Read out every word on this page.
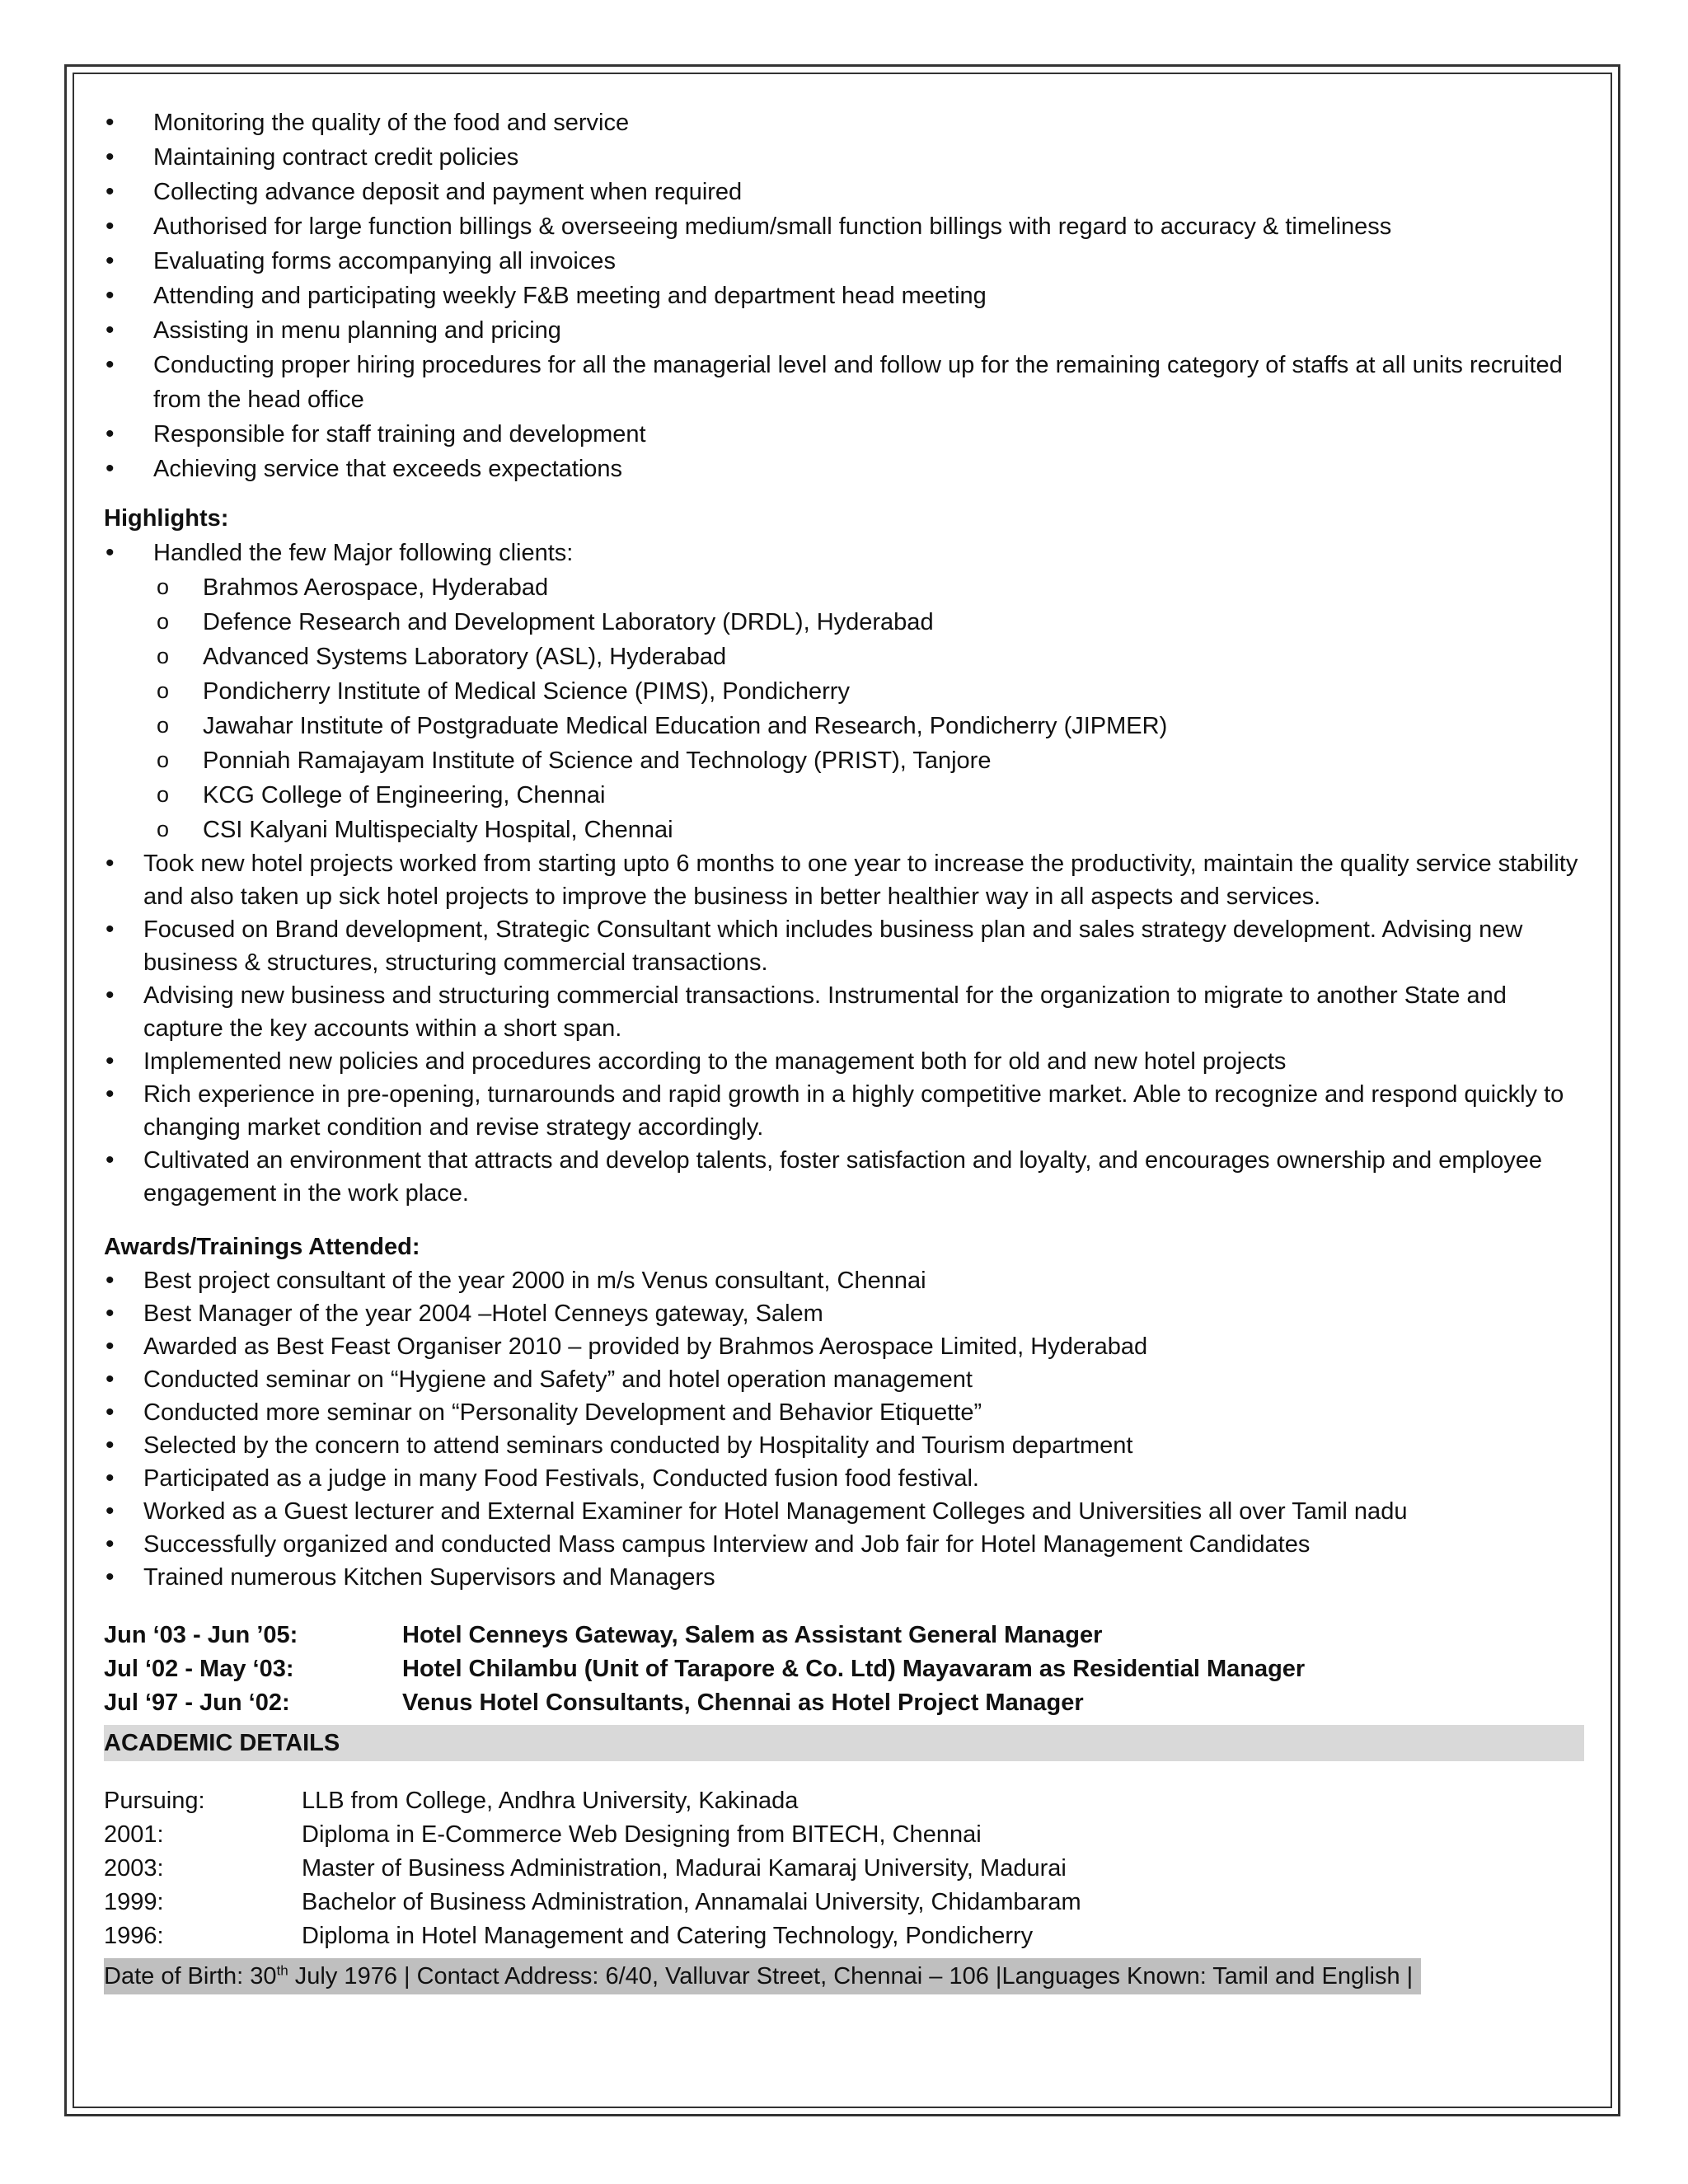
• Monitoring the quality of the food and service
• Maintaining contract credit policies
• Collecting advance deposit and payment when required
• Authorised for large function billings & overseeing medium/small function billings with regard to accuracy & timeliness
• Evaluating forms accompanying all invoices
• Attending and participating weekly F&B meeting and department head meeting
• Assisting in menu planning and pricing
• Conducting proper hiring procedures for all the managerial level and follow up for the remaining category of staffs at all units recruited from the head office
• Responsible for staff training and development
• Achieving service that exceeds expectations
Highlights:
• Handled the few Major following clients:
o Brahmos Aerospace, Hyderabad
o Defence Research and Development Laboratory (DRDL), Hyderabad
o Advanced Systems Laboratory (ASL), Hyderabad
o Pondicherry Institute of Medical Science (PIMS), Pondicherry
o Jawahar Institute of Postgraduate Medical Education and Research, Pondicherry (JIPMER)
o Ponniah Ramajayam Institute of Science and Technology (PRIST), Tanjore
o KCG College of Engineering, Chennai
o CSI Kalyani Multispecialty Hospital, Chennai
• Took new hotel projects worked from starting upto 6 months to one year to increase the productivity, maintain the quality service stability and also taken up sick hotel projects to improve the business in better healthier way in all aspects and services.
• Focused on Brand development, Strategic Consultant which includes business plan and sales strategy development. Advising new business & structures, structuring commercial transactions.
• Advising new business and structuring commercial transactions. Instrumental for the organization to migrate to another State and capture the key accounts within a short span.
• Implemented new policies and procedures according to the management both for old and new hotel projects
• Rich experience in pre-opening, turnarounds and rapid growth in a highly competitive market. Able to recognize and respond quickly to changing market condition and revise strategy accordingly.
• Cultivated an environment that attracts and develop talents, foster satisfaction and loyalty, and encourages ownership and employee engagement in the work place.
Awards/Trainings Attended:
• Best project consultant of the year 2000 in m/s Venus consultant, Chennai
• Best Manager of the year 2004 –Hotel Cenneys gateway, Salem
• Awarded as Best Feast Organiser 2010 – provided by Brahmos Aerospace Limited, Hyderabad
• Conducted seminar on “Hygiene and Safety” and hotel operation management
• Conducted more seminar on “Personality Development and Behavior Etiquette”
• Selected by the concern to attend seminars conducted by Hospitality and Tourism department
• Participated as a judge in many Food Festivals, Conducted fusion food festival.
• Worked as a Guest lecturer and External Examiner for Hotel Management Colleges and Universities all over Tamil nadu
• Successfully organized and conducted Mass campus Interview and Job fair for Hotel Management Candidates
• Trained numerous Kitchen Supervisors and Managers
Jun ‘03 - Jun ’05:	Hotel Cenneys Gateway, Salem as Assistant General Manager
Jul ‘02 - May ‘03:	Hotel Chilambu (Unit of Tarapore & Co. Ltd) Mayavaram as Residential Manager
Jul ‘97 - Jun ‘02:	Venus Hotel Consultants, Chennai as Hotel Project Manager
ACADEMIC DETAILS
Pursuing:	LLB from College, Andhra University, Kakinada
2001:	Diploma in E-Commerce Web Designing from BITECH, Chennai
2003:	Master of Business Administration, Madurai Kamaraj University, Madurai
1999:	Bachelor of Business Administration, Annamalai University, Chidambaram
1996:	Diploma in Hotel Management and Catering Technology, Pondicherry
Date of Birth: 30th July 1976 | Contact Address: 6/40, Valluvar Street, Chennai – 106 |Languages Known: Tamil and English |
